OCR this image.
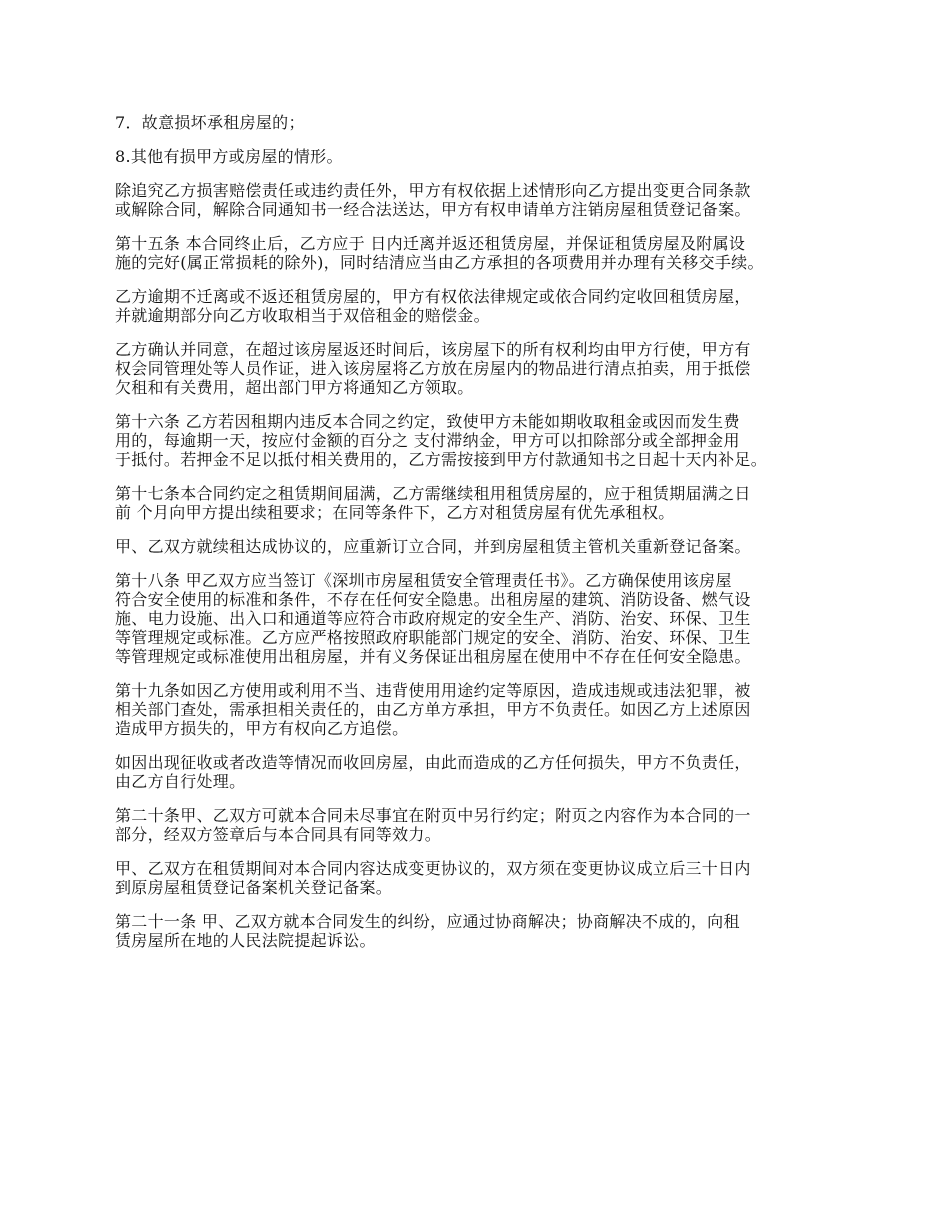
7．故意损坏承租房屋的；
8.其他有损甲方或房屋的情形。
除追究乙方损害赔偿责任或违约责任外，甲方有权依据上述情形向乙方提出变更合同条款
或解除合同，解除合同通知书一经合法送达，甲方有权申请单方注销房屋租赁登记备案。
第十五条 本合同终止后，乙方应于 日内迁离并返还租赁房屋，并保证租赁房屋及附属设
施的完好(属正常损耗的除外)，同时结清应当由乙方承担的各项费用并办理有关移交手续。
乙方逾期不迁离或不返还租赁房屋的，甲方有权依法律规定或依合同约定收回租赁房屋，
并就逾期部分向乙方收取相当于双倍租金的赔偿金。
乙方确认并同意，在超过该房屋返还时间后，该房屋下的所有权利均由甲方行使，甲方有
权会同管理处等人员作证，进入该房屋将乙方放在房屋内的物品进行清点拍卖，用于抵偿
欠租和有关费用，超出部门甲方将通知乙方领取。
第十六条 乙方若因租期内违反本合同之约定，致使甲方未能如期收取租金或因而发生费
用的，每逾期一天，按应付金额的百分之 支付滞纳金，甲方可以扣除部分或全部押金用
于抵付。若押金不足以抵付相关费用的，乙方需按接到甲方付款通知书之日起十天内补足。
第十七条本合同约定之租赁期间届满，乙方需继续租用租赁房屋的，应于租赁期届满之日
前 个月向甲方提出续租要求；在同等条件下，乙方对租赁房屋有优先承租权。
甲、乙双方就续租达成协议的，应重新订立合同，并到房屋租赁主管机关重新登记备案。
第十八条 甲乙双方应当签订《深圳市房屋租赁安全管理责任书》。乙方确保使用该房屋
符合安全使用的标准和条件，不存在任何安全隐患。出租房屋的建筑、消防设备、燃气设
施、电力设施、出入口和通道等应符合市政府规定的安全生产、消防、治安、环保、卫生
等管理规定或标准。乙方应严格按照政府职能部门规定的安全、消防、治安、环保、卫生
等管理规定或标准使用出租房屋，并有义务保证出租房屋在使用中不存在任何安全隐患。
第十九条如因乙方使用或利用不当、违背使用用途约定等原因，造成违规或违法犯罪，被
相关部门查处，需承担相关责任的，由乙方单方承担，甲方不负责任。如因乙方上述原因
造成甲方损失的，甲方有权向乙方追偿。
如因出现征收或者改造等情况而收回房屋，由此而造成的乙方任何损失，甲方不负责任，
由乙方自行处理。
第二十条甲、乙双方可就本合同未尽事宜在附页中另行约定；附页之内容作为本合同的一
部分，经双方签章后与本合同具有同等效力。
甲、乙双方在租赁期间对本合同内容达成变更协议的，双方须在变更协议成立后三十日内
到原房屋租赁登记备案机关登记备案。
第二十一条 甲、乙双方就本合同发生的纠纷，应通过协商解决；协商解决不成的，向租
赁房屋所在地的人民法院提起诉讼。
